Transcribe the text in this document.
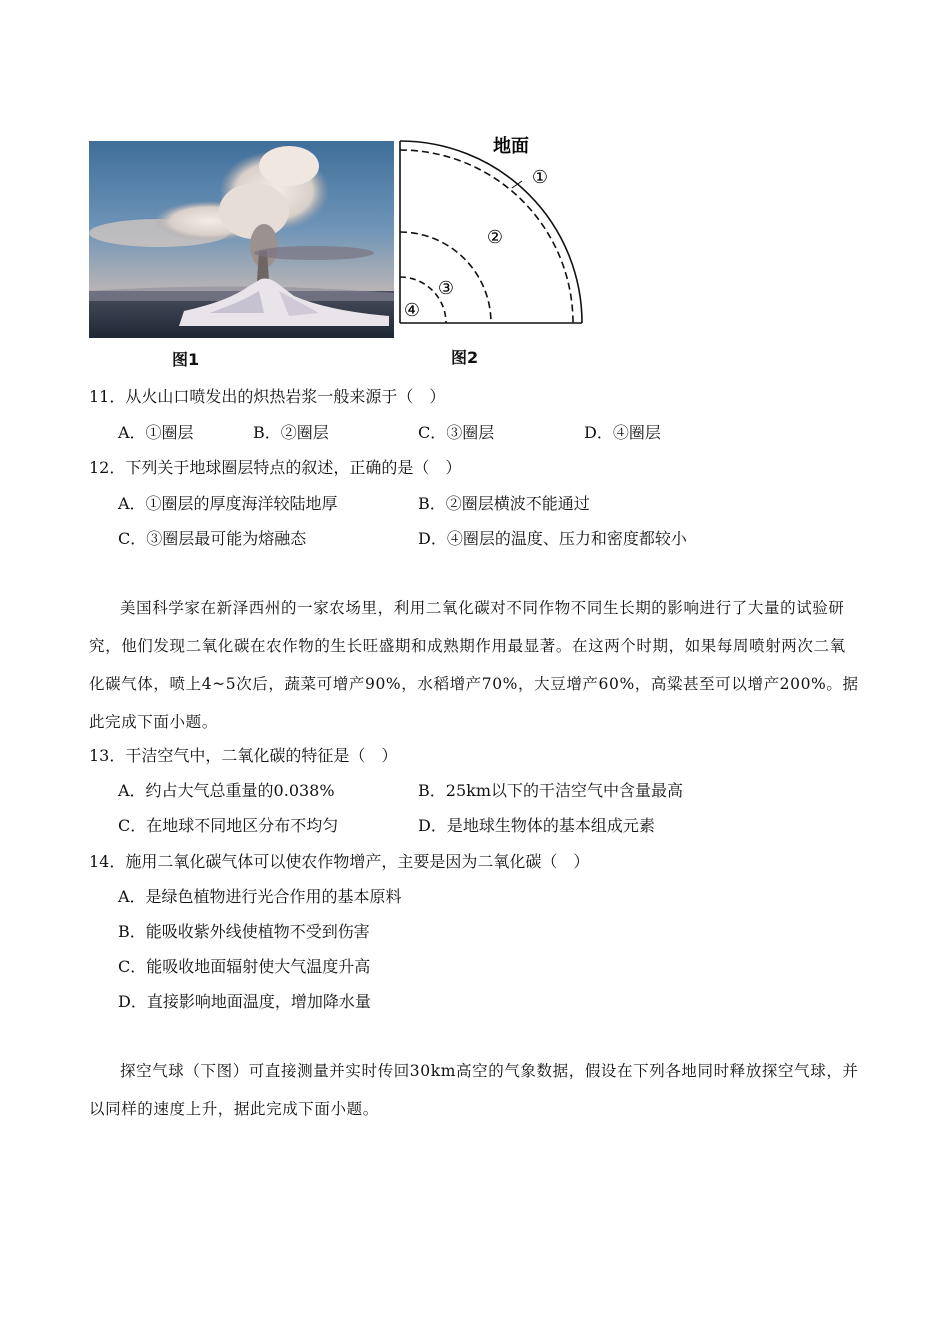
图1
地面
①
②
③
④
图2
11．从火山口喷发出的炽热岩浆一般来源于（　）
A．①圈层	B．②圈层	C．③圈层	D．④圈层
12．下列关于地球圈层特点的叙述，正确的是（　）
A．①圈层的厚度海洋较陆地厚	B．②圈层横波不能通过
C．③圈层最可能为熔融态	D．④圈层的温度、压力和密度都较小
美国科学家在新泽西州的一家农场里，利用二氧化碳对不同作物不同生长期的影响进行了大量的试验研究，他们发现二氧化碳在农作物的生长旺盛期和成熟期作用最显著。在这两个时期，如果每周喷射两次二氧化碳气体，喷上4~5次后，蔬菜可增产90%，水稻增产70%，大豆增产60%，高粱甚至可以增产200%。据此完成下面小题。
13．干洁空气中，二氧化碳的特征是（　）
A．约占大气总重量的0.038%	B．25km以下的干洁空气中含量最高
C．在地球不同地区分布不均匀	D．是地球生物体的基本组成元素
14．施用二氧化碳气体可以使农作物增产，主要是因为二氧化碳（　）
A．是绿色植物进行光合作用的基本原料
B．能吸收紫外线使植物不受到伤害
C．能吸收地面辐射使大气温度升高
D．直接影响地面温度，增加降水量
探空气球（下图）可直接测量并实时传回30km高空的气象数据，假设在下列各地同时释放探空气球，并以同样的速度上升，据此完成下面小题。
